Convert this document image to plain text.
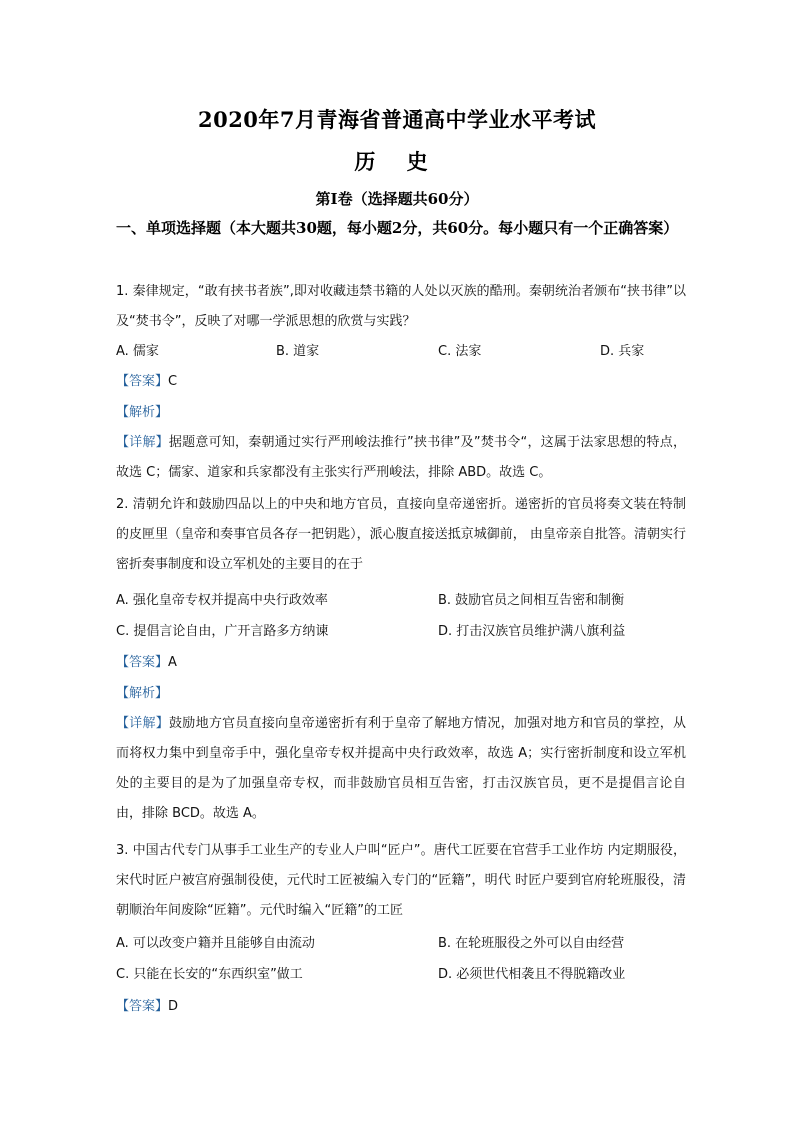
2020年7月青海省普通高中学业水平考试
历 史
第Ⅰ卷（选择题共60分）
一、单项选择题（本大题共30题，每小题2分，共60分。每小题只有一个正确答案）
1. 秦律规定，“敢有挟书者族”,即对收藏违禁书籍的人处以灭族的酷刑。秦朝统治者颁布“挟书律”以及“焚书令”，反映了对哪一学派思想的欣赏与实践？
A. 儒家	B. 道家	C. 法家	D. 兵家
【答案】C
【解析】
【详解】据题意可知，秦朝通过实行严刑峻法推行”挟书律”及”焚书令“，这属于法家思想的特点，故选 C；儒家、道家和兵家都没有主张实行严刑峻法，排除 ABD。故选 C。
2. 清朝允许和鼓励四品以上的中央和地方官员，直接向皇帝递密折。递密折的官员将奏文装在特制的皮匣里（皇帝和奏事官员各存一把钥匙），派心腹直接送抵京城御前， 由皇帝亲自批答。清朝实行密折奏事制度和设立军机处的主要目的在于
A. 强化皇帝专权并提高中央行政效率	B. 鼓励官员之间相互告密和制衡
C. 提倡言论自由，广开言路多方纳谏	D. 打击汉族官员维护满八旗利益
【答案】A
【解析】
【详解】鼓励地方官员直接向皇帝递密折有利于皇帝了解地方情况，加强对地方和官员的掌控，从而将权力集中到皇帝手中，强化皇帝专权并提高中央行政效率，故选 A；实行密折制度和设立军机处的主要目的是为了加强皇帝专权，而非鼓励官员相互告密，打击汉族官员，更不是提倡言论自由，排除 BCD。故选 A。
3. 中国古代专门从事手工业生产的专业人户叫“匠户”。唐代工匠要在官营手工业作坊 内定期服役，宋代时匠户被宫府强制役使，元代时工匠被编入专门的“匠籍”，明代 时匠户要到官府轮班服役，清朝顺治年间废除“匠籍”。元代时编入“匠籍”的工匠
A. 可以改变户籍并且能够自由流动	B. 在轮班服役之外可以自由经营
C. 只能在长安的“东西织室”做工	D. 必须世代相袭且不得脱籍改业
【答案】D
